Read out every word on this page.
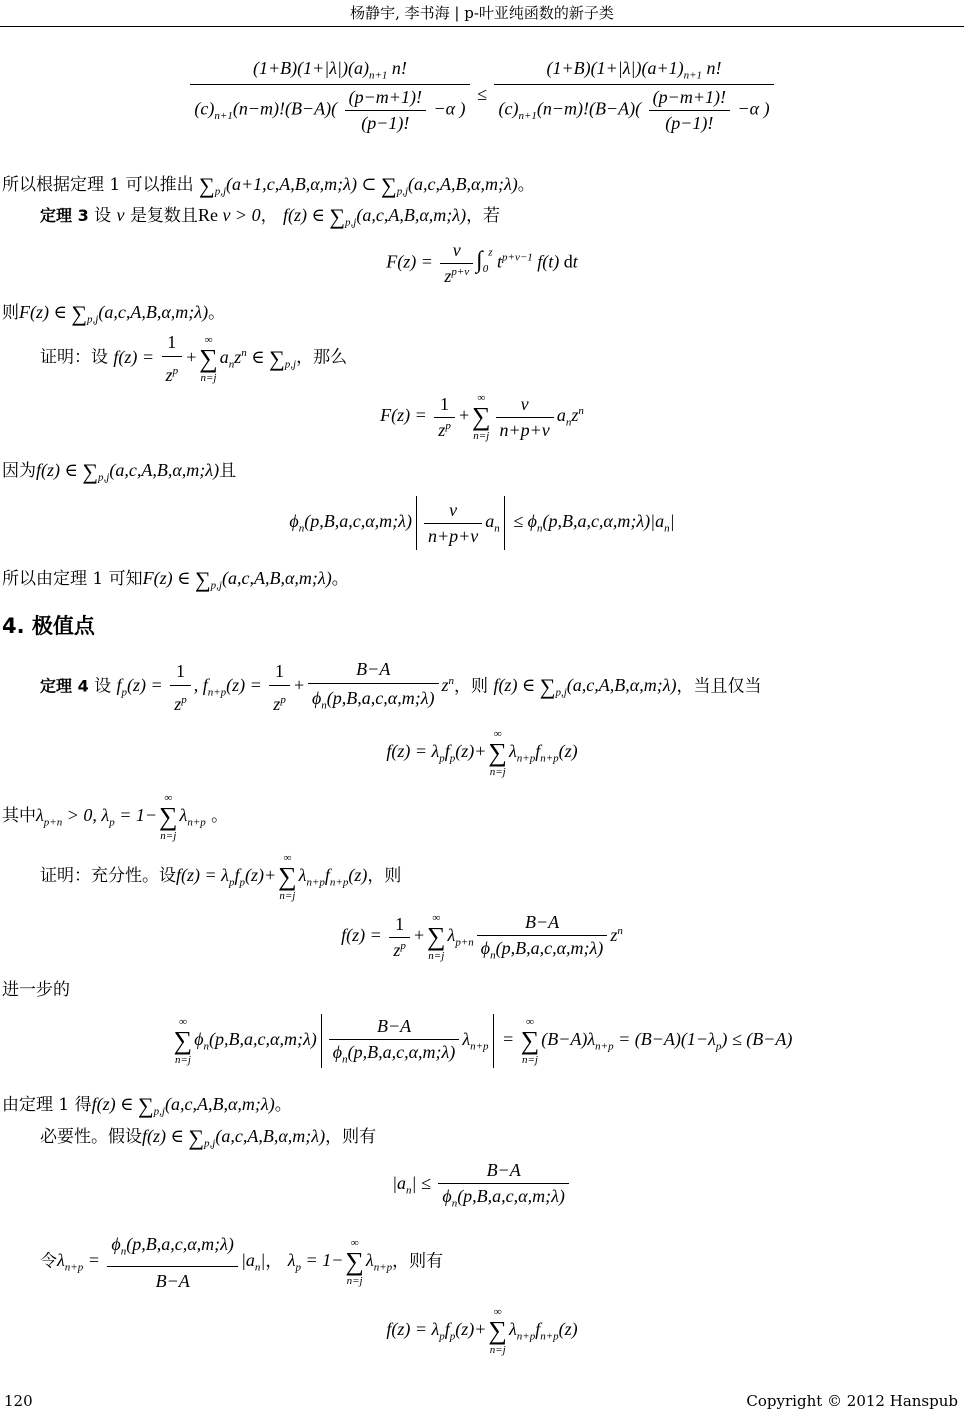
杨静宇, 李书海 | p-叶亚纯函数的新子类
$\frac{(1+B)(1+|\lambda|)(a)_{n+1} n!}{(c)_{n+1}(n-m)!(B-A)( \frac{(p-m+1)!}{(p-1)!} -\alpha )} \le \frac{(1+B)(1+|\lambda|)(a+1)_{n+1} n!}{(c)_{n+1}(n-m)!(B-A)( \frac{(p-m+1)!}{(p-1)!} -\alpha )}$
所以根据定理 1 可以推出 $\sum_{p,j}(a+1,c,A,B,\alpha,m;\lambda)$ ⊂ $\sum_{p,j}(a,c,A,B,\alpha,m;\lambda)$。
定理 3 设 v 是复数且Re v > 0， f(z) ∈ $\sum_{p,j}(a,c,A,B,\alpha,m;\lambda)$，若
$F(z) = \frac{v}{z^{p+v}} \int_0^z$ $t^{p+v-1}$ f(t) dt
则F(z) ∈ $\sum_{p,j}(a,c,A,B,\alpha,m;\lambda)$。
证明：设 $f(z) = \frac{1}{z^p}$ +
∞
∑
n=j
$a_nz^n$ ∈ $\sum_{p,j}$，那么
$F(z) = \frac{1}{z^p}$ +
∞
∑
$n=j \frac{v}{n+p+v} a_nz^n$
因为f(z) ∈ $\sum_{p,j}(a,c,A,B,\alpha,m;\lambda)$且
$\phi_n(p,B,a,c,\alpha,m;\lambda) \frac{v}{n+p+v} a_n$ ≤ $\phi_n(p,B,a,c,\alpha,m;\lambda)|a_n|$
所以由定理 1 可知F(z) ∈ $\sum_{p,j}(a,c,A,B,\alpha,m;\lambda)$。
4. 极值点
定理 4 设 $f_p(z) = \frac{1}{z^p}$ , $f_{n+p}(z) = \frac{1}{z^p} + \frac{B-A}{\phi_n(p,B,a,c,\alpha,m;\lambda)} z^n$，则 f(z) ∈ $\sum_{p,j}(a,c,A,B,\alpha,m;\lambda)$，当且仅当
$f(z) = \lambda_pf_p(z)+$
∞
∑
n=j
$\lambda_{n+p}f_{n+p}(z)$
其中$\lambda_{p+n} > 0$, $\lambda_p = 1-$
∞
∑
n=j
$\lambda_{n+p}$ 。
证明：充分性。设$f(z) = \lambda_pf_p(z)+$
∞
∑
n=j
$\lambda_{n+p}f_{n+p}(z)$，则
$f(z) = \frac{1}{z^p}$ +
∞
∑
n=j
$\lambda_{p+n} \frac{B-A}{\phi_n(p,B,a,c,\alpha,m;\lambda)} z^n$
进一步的
∞
∑
n=j
$\phi_n(p,B,a,c,\alpha,m;\lambda) \frac{B-A}{\phi_n(p,B,a,c,\alpha,m;\lambda)} \lambda_{n+p}$ =
∞
∑
n=j
$(B-A)\lambda_{n+p} = (B-A)(1-\lambda_p) \le (B-A)$
由定理 1 得f(z) ∈ $\sum_{p,j}(a,c,A,B,\alpha,m;\lambda)$。
必要性。假设f(z) ∈ $\sum_{p,j}(a,c,A,B,\alpha,m;\lambda)$，则有
$|a_n| \le \frac{B-A}{\phi_n(p,B,a,c,\alpha,m;\lambda)}$
令$\lambda_{n+p} = \frac{\phi_n(p,B,a,c,\alpha,m;\lambda)}{B-A} |a_n|$， $\lambda_p = 1-$
∞
∑
n=j
$\lambda_{n+p}$，则有
$f(z) = \lambda_pf_p(z)+$
∞
∑
n=j
$\lambda_{n+p}f_{n+p}(z)$
120	Copyright © 2012 Hanspub
